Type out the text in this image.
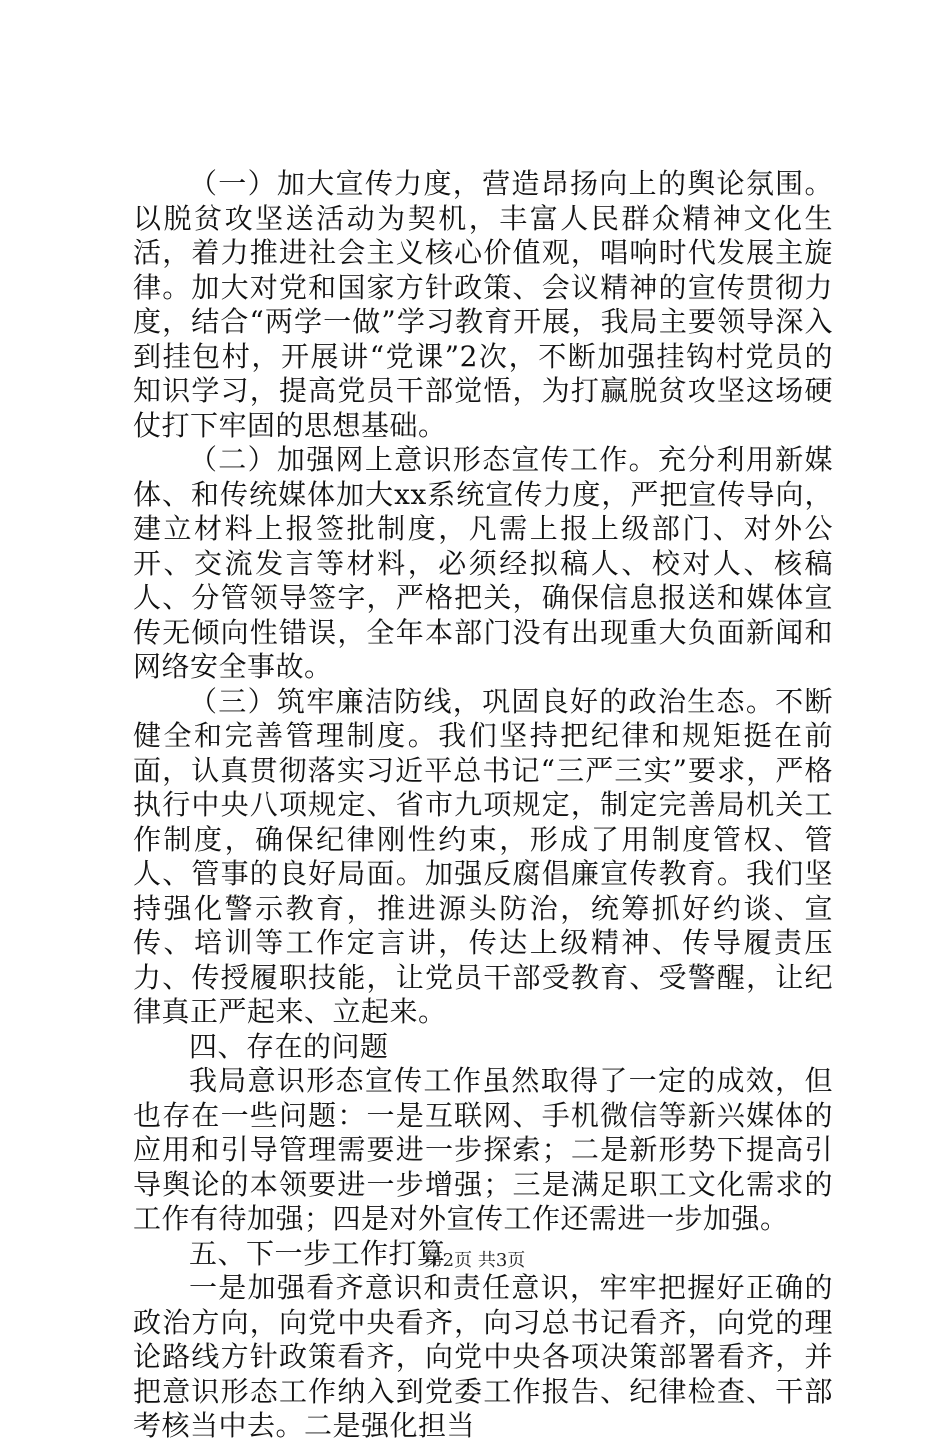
（一）加大宣传力度，营造昂扬向上的舆论氛围。以脱贫攻坚送活动为契机，丰富人民群众精神文化生活，着力推进社会主义核心价值观，唱响时代发展主旋律。加大对党和国家方针政策、会议精神的宣传贯彻力度，结合“两学一做”学习教育开展，我局主要领导深入到挂包村，开展讲“党课”2次，不断加强挂钩村党员的知识学习，提高党员干部觉悟，为打赢脱贫攻坚这场硬仗打下牢固的思想基础。

（二）加强网上意识形态宣传工作。充分利用新媒体、和传统媒体加大xx系统宣传力度，严把宣传导向，建立材料上报签批制度，凡需上报上级部门、对外公开、交流发言等材料，必须经拟稿人、校对人、核稿人、分管领导签字，严格把关，确保信息报送和媒体宣传无倾向性错误，全年本部门没有出现重大负面新闻和网络安全事故。

（三）筑牢廉洁防线，巩固良好的政治生态。不断健全和完善管理制度。我们坚持把纪律和规矩挺在前面，认真贯彻落实习近平总书记“三严三实”要求，严格执行中央八项规定、省市九项规定，制定完善局机关工作制度，确保纪律刚性约束，形成了用制度管权、管人、管事的良好局面。加强反腐倡廉宣传教育。我们坚持强化警示教育，推进源头防治，统筹抓好约谈、宣传、培训等工作定言讲，传达上级精神、传导履责压力、传授履职技能，让党员干部受教育、受警醒，让纪律真正严起来、立起来。

四、存在的问题

我局意识形态宣传工作虽然取得了一定的成效，但也存在一些问题：一是互联网、手机微信等新兴媒体的应用和引导管理需要进一步探索；二是新形势下提高引导舆论的本领要进一步增强；三是满足职工文化需求的工作有待加强；四是对外宣传工作还需进一步加强。

五、下一步工作打算

一是加强看齐意识和责任意识，牢牢把握好正确的政治方向，向党中央看齐，向习总书记看齐，向党的理论路线方针政策看齐，向党中央各项决策部署看齐，并把意识形态工作纳入到党委工作报告、纪律检查、干部考核当中去。二是强化担当

第2页 共3页
